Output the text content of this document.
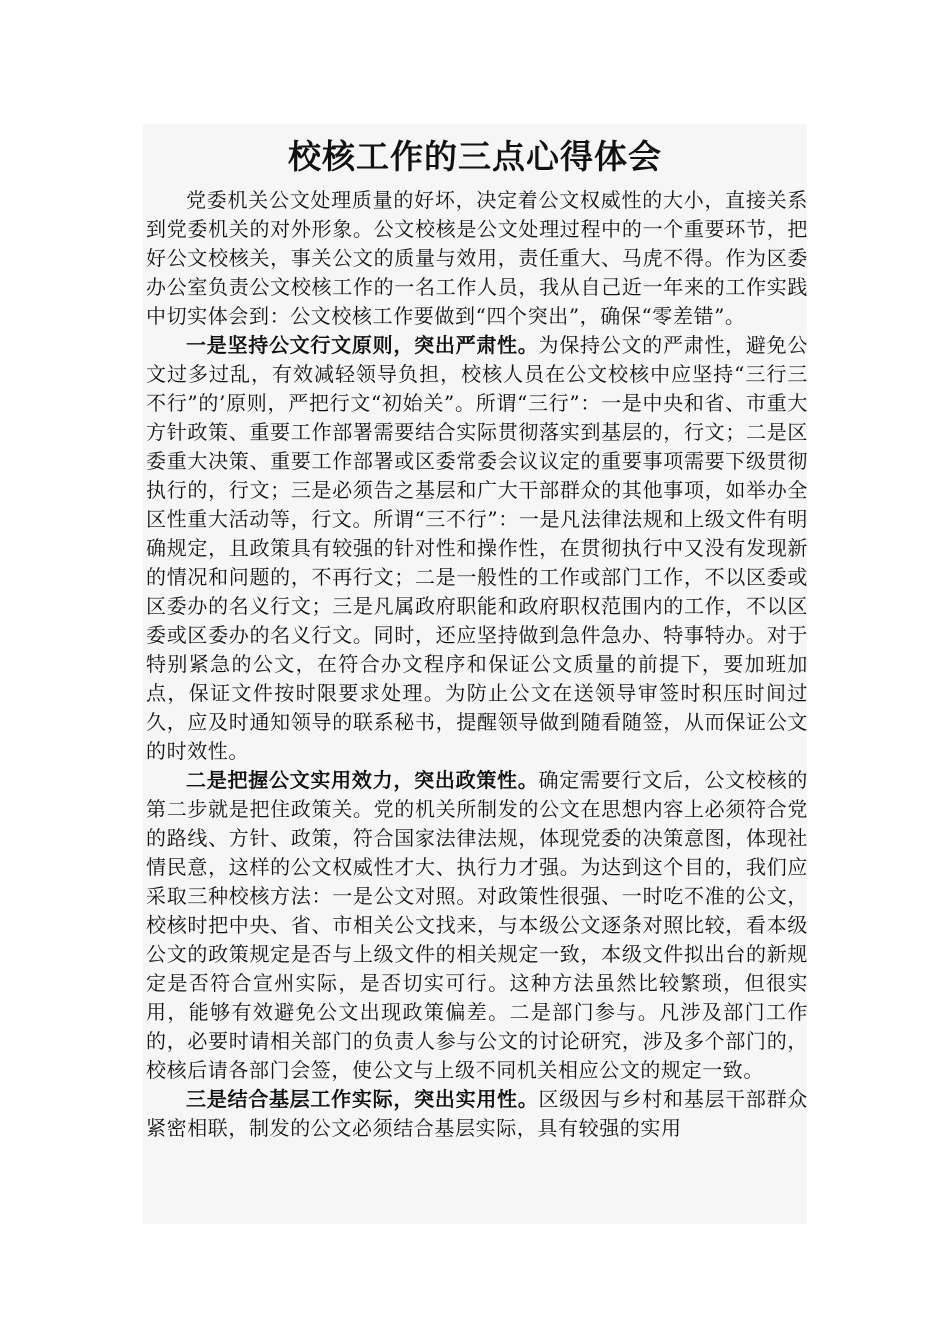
校核工作的三点心得体会

党委机关公文处理质量的好坏，决定着公文权威性的大小，直接关系到党委机关的对外形象。公文校核是公文处理过程中的一个重要环节，把好公文校核关，事关公文的质量与效用，责任重大、马虎不得。作为区委办公室负责公文校核工作的一名工作人员，我从自己近一年来的工作实践中切实体会到：公文校核工作要做到“四个突出”，确保“零差错”。

一是坚持公文行文原则，突出严肃性。为保持公文的严肃性，避免公文过多过乱，有效减轻领导负担，校核人员在公文校核中应坚持“三行三不行”的’原则，严把行文“初始关”。所谓“三行”：一是中央和省、市重大方针政策、重要工作部署需要结合实际贯彻落实到基层的，行文；二是区委重大决策、重要工作部署或区委常委会议议定的重要事项需要下级贯彻执行的，行文；三是必须告之基层和广大干部群众的其他事项，如举办全区性重大活动等，行文。所谓“三不行”：一是凡法律法规和上级文件有明确规定，且政策具有较强的针对性和操作性，在贯彻执行中又没有发现新的情况和问题的，不再行文；二是一般性的工作或部门工作，不以区委或区委办的名义行文；三是凡属政府职能和政府职权范围内的工作，不以区委或区委办的名义行文。同时，还应坚持做到急件急办、特事特办。对于特别紧急的公文，在符合办文程序和保证公文质量的前提下，要加班加点，保证文件按时限要求处理。为防止公文在送领导审签时积压时间过久，应及时通知领导的联系秘书，提醒领导做到随看随签，从而保证公文的时效性。

二是把握公文实用效力，突出政策性。确定需要行文后，公文校核的第二步就是把住政策关。党的机关所制发的公文在思想内容上必须符合党的路线、方针、政策，符合国家法律法规，体现党委的决策意图，体现社情民意，这样的公文权威性才大、执行力才强。为达到这个目的，我们应采取三种校核方法：一是公文对照。对政策性很强、一时吃不准的公文，校核时把中央、省、市相关公文找来，与本级公文逐条对照比较，看本级公文的政策规定是否与上级文件的相关规定一致，本级文件拟出台的新规定是否符合宣州实际，是否切实可行。这种方法虽然比较繁琐，但很实用，能够有效避免公文出现政策偏差。二是部门参与。凡涉及部门工作的，必要时请相关部门的负责人参与公文的讨论研究，涉及多个部门的，校核后请各部门会签，使公文与上级不同机关相应公文的规定一致。

三是结合基层工作实际，突出实用性。区级因与乡村和基层干部群众紧密相联，制发的公文必须结合基层实际，具有较强的实用
